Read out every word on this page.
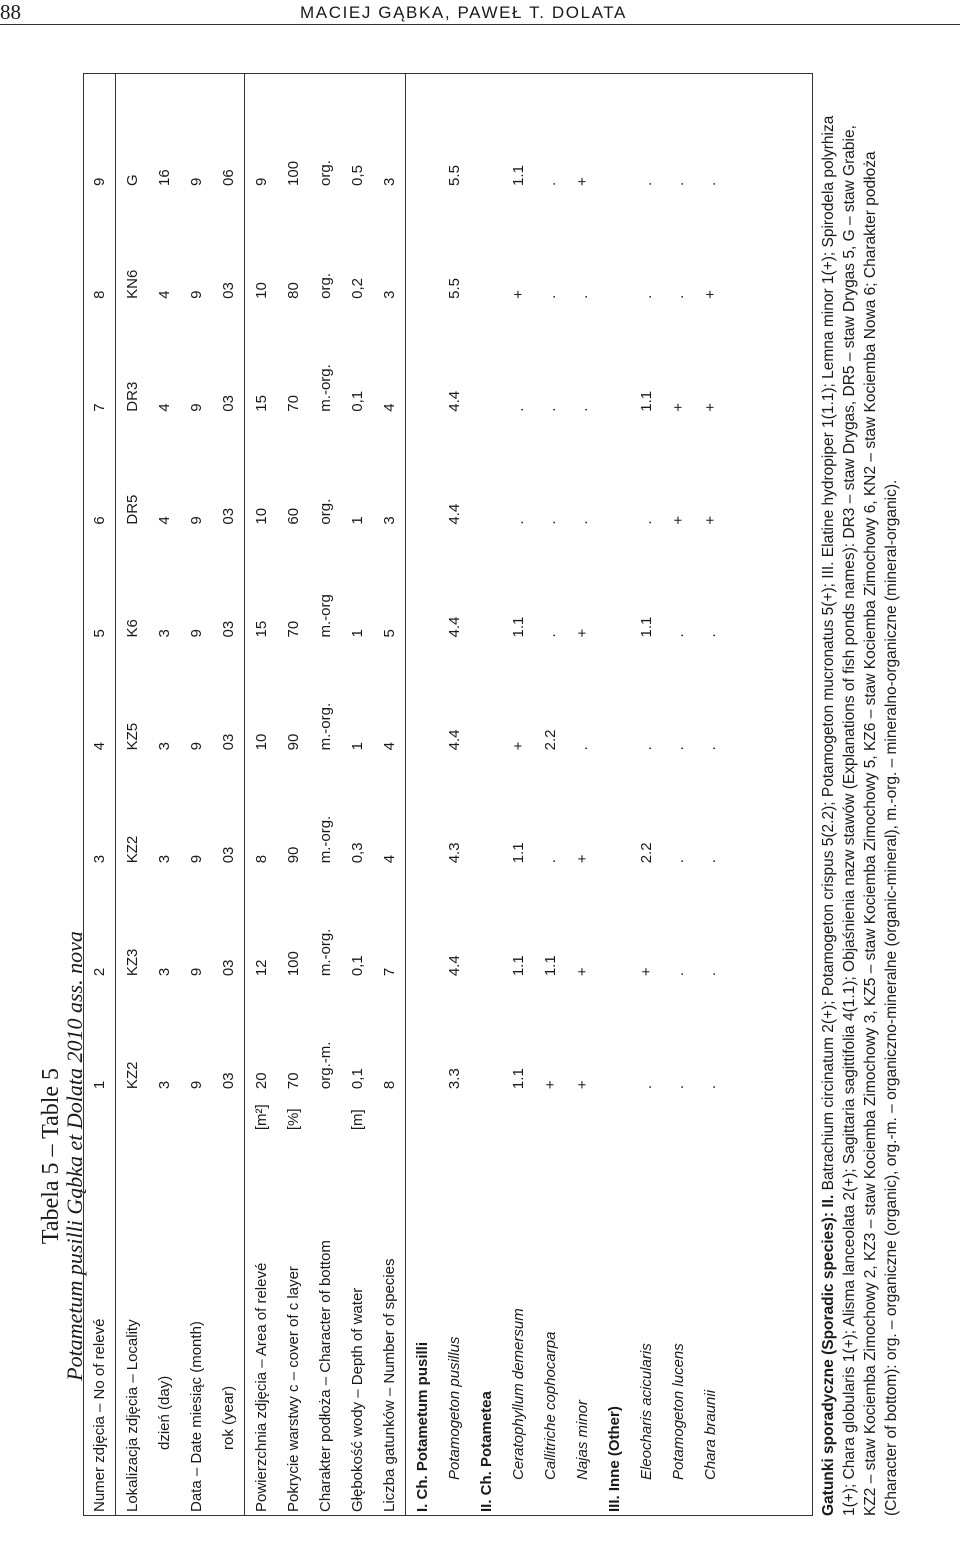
88	MACIEJ GĄBKA, PAWEŁ T. DOLATA
Tabela 5 – Table 5
Potametum pusilli Gąbka et Dolata 2010 ass. nova
Numer zdjęcia – No of relevé		1	2	3	4	5	6	7	8	9
Lokalizacja zdjęcia – Locality		KZ2	KZ3	KZ2	KZ5	K6	DR5	DR3	KN6	G
dzień (day)		3	3	3	3	3	4	4	4	16
Data – Date miesiąc (month)		9	9	9	9	9	9	9	9	9
rok (year)		03	03	03	03	03	03	03	03	06
Powierzchnia zdjęcia – Area of relevé	[m²]	20	12	8	10	15	10	15	10	9
Pokrycie warstwy c – cover of c layer	[%]	70	100	90	90	70	60	70	80	100
Charakter podłoża – Character of bottom		org.-m.	m.-org.	m.-org.	m.-org.	m.-org	org.	m.-org.	org.	org.
Głębokość wody – Depth of water	[m]	0,1	0,1	0,3	1	1	1	0,1	0,2	0,5
Liczba gatunków – Number of species		8	7	4	4	5	3	4	3	3
I. Ch. Potametum pusilli										
Potamogeton pusillus		3.3	4.4	4.3	4.4	4.4	4.4	4.4	5.5	5.5
II. Ch. Potametea										
Ceratophyllum demersum		1.1	1.1	1.1	+	1.1	.	.	+	1.1
Callitriche cophocarpa		+	1.1	.	2.2	.	.	.	.	.
Najas minor		+	+	+	.	+	.	.	.	+
III. Inne (Other)										
Eleocharis acicularis		.	+	2.2	.	1.1	.	1.1	.	.
Potamogeton lucens		.	.	.	.	.	+	+	.	.
Chara braunii		.	.	.	.	.	+	+	+	.
Gatunki sporadyczne (Sporadic species): II. Batrachium circinatum 2(+); Potamogeton crispus 5(2.2); Potamogeton mucronatus 5(+); III. Elatine hydropiper 1(1.1); Lemna minor 1(+); Spirodela polyrhiza 1(+); Chara globularis 1(+); Alisma lanceolata 2(+); Sagittaria sagittifolia 4(1.1); Objaśnienia nazw stawów (Explanations of fish ponds names): DR3 – staw Drygas, DR5 – staw Drygas 5, G – staw Grabie, KZ2 – staw Kociemba Zimochowy 2, KZ3 – staw Kociemba Zimochowy 3, KZ5 – staw Kociemba Zimochowy 5, KZ6 – staw Kociemba Zimochowy 6, KN2 – staw Kociemba Nowa 6; Charakter podłoża (Character of bottom): org. – organiczne (organic), org.-m. – organiczno-mineralne (organic-mineral), m.-org. – mineralno-organiczne (mineral-organic).
